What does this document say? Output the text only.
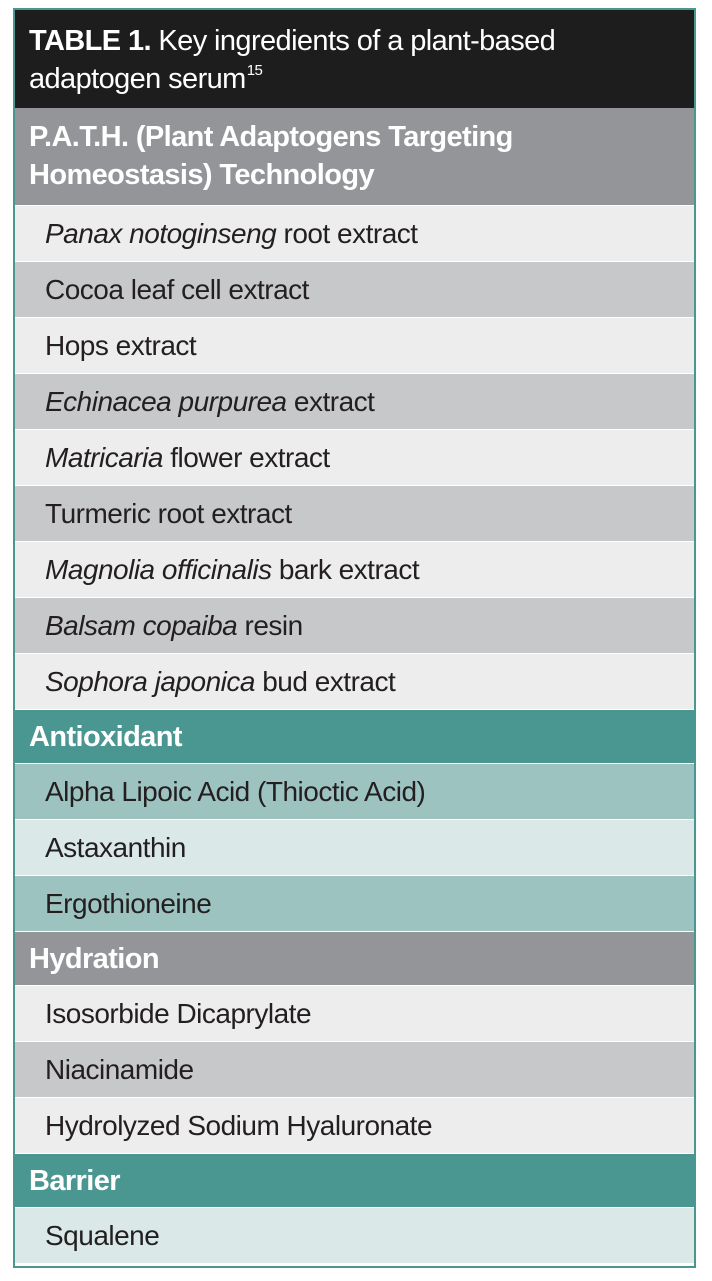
TABLE 1. Key ingredients of a plant-based adaptogen serum$^{15}$
P.A.T.H. (Plant Adaptogens Targeting Homeostasis) Technology
Panax notoginseng root extract
Cocoa leaf cell extract
Hops extract
Echinacea purpurea extract
Matricaria flower extract
Turmeric root extract
Magnolia officinalis bark extract
Balsam copaiba resin
Sophora japonica bud extract
Antioxidant
Alpha Lipoic Acid (Thioctic Acid)
Astaxanthin
Ergothioneine
Hydration
Isosorbide Dicaprylate
Niacinamide
Hydrolyzed Sodium Hyaluronate
Barrier
Squalene
